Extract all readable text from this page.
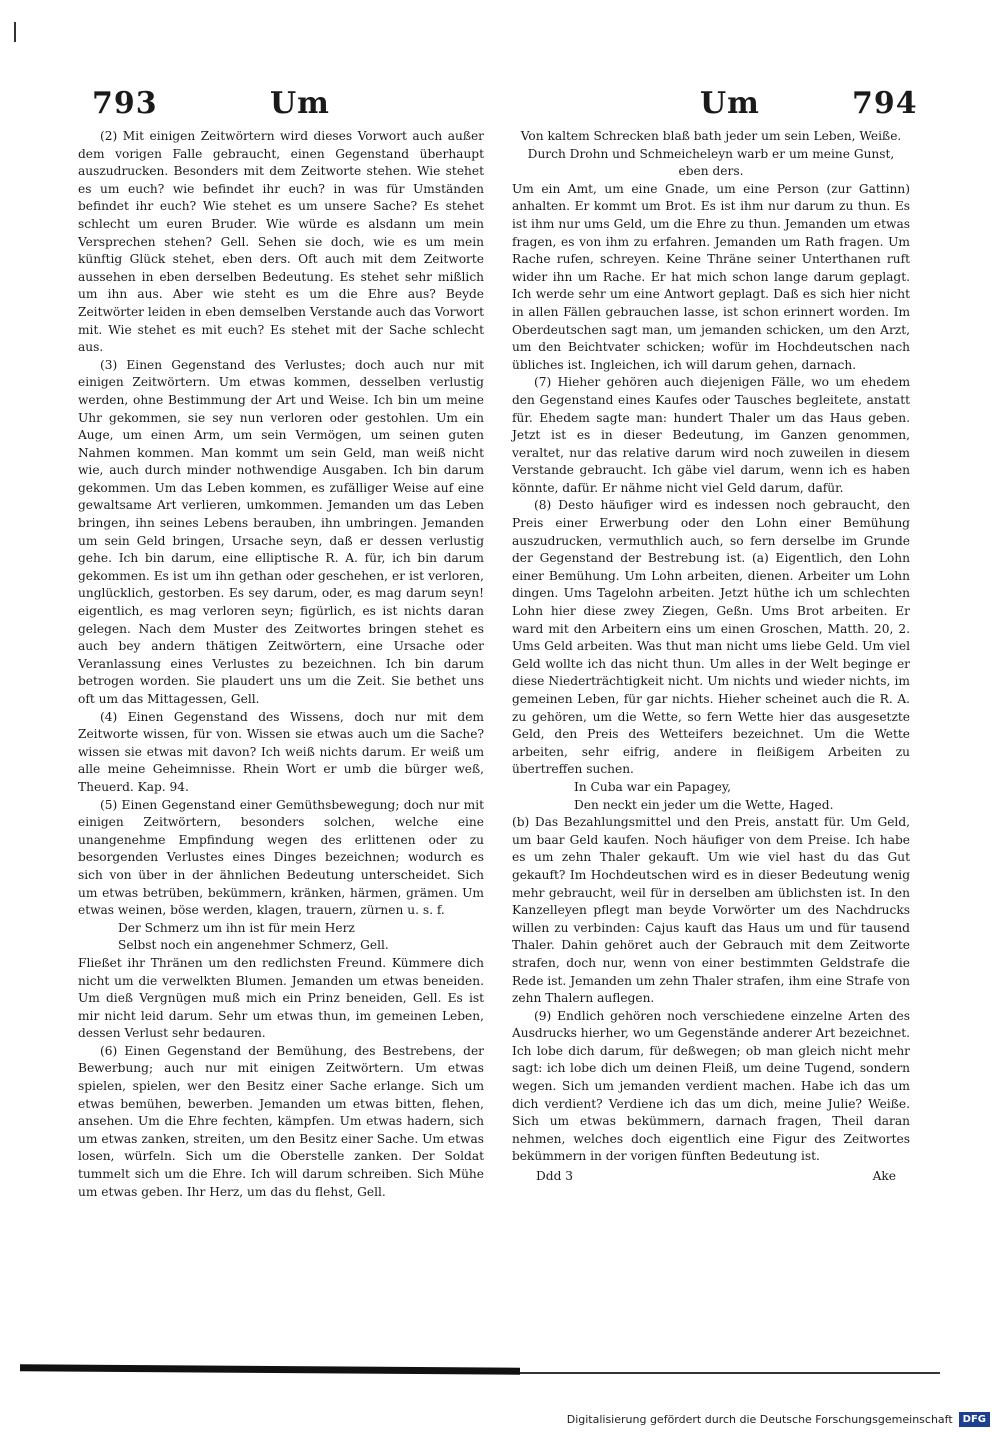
793	Um	Um	794

(2) Mit einigen Zeitwörtern wird dieses Vorwort auch außer dem vorigen Falle gebraucht, einen Gegenstand überhaupt auszudrucken. Besonders mit dem Zeitworte stehen. Wie stehet es um euch? wie befindet ihr euch? in was für Umständen befindet ihr euch? Wie stehet es um unsere Sache? Es stehet schlecht um euren Bruder. Wie würde es alsdann um mein Versprechen stehen? Gell. Sehen sie doch, wie es um mein künftig Glück stehet, eben ders. Oft auch mit dem Zeitworte aussehen in eben derselben Bedeutung. Es stehet sehr mißlich um ihn aus. Aber wie steht es um die Ehre aus? Beyde Zeitwörter leiden in eben demselben Verstande auch das Vorwort mit. Wie stehet es mit euch? Es stehet mit der Sache schlecht aus.

(3) Einen Gegenstand des Verlustes; doch auch nur mit einigen Zeitwörtern. Um etwas kommen, desselben verlustig werden, ohne Bestimmung der Art und Weise. Ich bin um meine Uhr gekommen, sie sey nun verloren oder gestohlen. Um ein Auge, um einen Arm, um sein Vermögen, um seinen guten Nahmen kommen. Man kommt um sein Geld, man weiß nicht wie, auch durch minder nothwendige Ausgaben. Ich bin darum gekommen. Um das Leben kommen, es zufälliger Weise auf eine gewaltsame Art verlieren, umkommen. Jemanden um das Leben bringen, ihn seines Lebens berauben, ihn umbringen. Jemanden um sein Geld bringen, Ursache seyn, daß er dessen verlustig gehe. Ich bin darum, eine elliptische R. A. für, ich bin darum gekommen. Es ist um ihn gethan oder geschehen, er ist verloren, unglücklich, gestorben. Es sey darum, oder, es mag darum seyn! eigentlich, es mag verloren seyn; figürlich, es ist nichts daran gelegen. Nach dem Muster des Zeitwortes bringen stehet es auch bey andern thätigen Zeitwörtern, eine Ursache oder Veranlassung eines Verlustes zu bezeichnen. Ich bin darum betrogen worden. Sie plaudert uns um die Zeit. Sie bethet uns oft um das Mittagessen, Gell.

(4) Einen Gegenstand des Wissens, doch nur mit dem Zeitworte wissen, für von. Wissen sie etwas auch um die Sache? wissen sie etwas mit davon? Ich weiß nichts darum. Er weiß um alle meine Geheimnisse. Rhein Wort er umb die bürger weß, Theuerd. Kap. 94.

(5) Einen Gegenstand einer Gemüthsbewegung; doch nur mit einigen Zeitwörtern, besonders solchen, welche eine unangenehme Empfindung wegen des erlittenen oder zu besorgenden Verlustes eines Dinges bezeichnen; wodurch es sich von über in der ähnlichen Bedeutung unterscheidet. Sich um etwas betrüben, bekümmern, kränken, härmen, grämen. Um etwas weinen, böse werden, klagen, trauern, zürnen u. s. f.

Der Schmerz um ihn ist für mein Herz

Selbst noch ein angenehmer Schmerz, Gell.

Fließet ihr Thränen um den redlichsten Freund. Kümmere dich nicht um die verwelkten Blumen. Jemanden um etwas beneiden. Um dieß Vergnügen muß mich ein Prinz beneiden, Gell. Es ist mir nicht leid darum. Sehr um etwas thun, im gemeinen Leben, dessen Verlust sehr bedauren.

(6) Einen Gegenstand der Bemühung, des Bestrebens, der Bewerbung; auch nur mit einigen Zeitwörtern. Um etwas spielen, spielen, wer den Besitz einer Sache erlange. Sich um etwas bemühen, bewerben. Jemanden um etwas bitten, flehen, ansehen. Um die Ehre fechten, kämpfen. Um etwas hadern, sich um etwas zanken, streiten, um den Besitz einer Sache. Um etwas losen, würfeln. Sich um die Oberstelle zanken. Der Soldat tummelt sich um die Ehre. Ich will darum schreiben. Sich Mühe um etwas geben. Ihr Herz, um das du flehst, Gell.

Von kaltem Schrecken blaß bath jeder um sein Leben, Weiße.

Durch Drohn und Schmeicheleyn warb er um meine Gunst, eben ders.

Um ein Amt, um eine Gnade, um eine Person (zur Gattinn) anhalten. Er kommt um Brot. Es ist ihm nur darum zu thun. Es ist ihm nur ums Geld, um die Ehre zu thun. Jemanden um etwas fragen, es von ihm zu erfahren. Jemanden um Rath fragen. Um Rache rufen, schreyen. Keine Thräne seiner Unterthanen ruft wider ihn um Rache. Er hat mich schon lange darum geplagt. Ich werde sehr um eine Antwort geplagt. Daß es sich hier nicht in allen Fällen gebrauchen lasse, ist schon erinnert worden. Im Oberdeutschen sagt man, um jemanden schicken, um den Arzt, um den Beichtvater schicken; wofür im Hochdeutschen nach übliches ist. Ingleichen, ich will darum gehen, darnach.

(7) Hieher gehören auch diejenigen Fälle, wo um ehedem den Gegenstand eines Kaufes oder Tausches begleitete, anstatt für. Ehedem sagte man: hundert Thaler um das Haus geben. Jetzt ist es in dieser Bedeutung, im Ganzen genommen, veraltet, nur das relative darum wird noch zuweilen in diesem Verstande gebraucht. Ich gäbe viel darum, wenn ich es haben könnte, dafür. Er nähme nicht viel Geld darum, dafür.

(8) Desto häufiger wird es indessen noch gebraucht, den Preis einer Erwerbung oder den Lohn einer Bemühung auszudrucken, vermuthlich auch, so fern derselbe im Grunde der Gegenstand der Bestrebung ist. (a) Eigentlich, den Lohn einer Bemühung. Um Lohn arbeiten, dienen. Arbeiter um Lohn dingen. Ums Tagelohn arbeiten. Jetzt hüthe ich um schlechten Lohn hier diese zwey Ziegen, Geßn. Ums Brot arbeiten. Er ward mit den Arbeitern eins um einen Groschen, Matth. 20, 2. Ums Geld arbeiten. Was thut man nicht ums liebe Geld. Um viel Geld wollte ich das nicht thun. Um alles in der Welt beginge er diese Niederträchtigkeit nicht. Um nichts und wieder nichts, im gemeinen Leben, für gar nichts. Hieher scheinet auch die R. A. zu gehören, um die Wette, so fern Wette hier das ausgesetzte Geld, den Preis des Wetteifers bezeichnet. Um die Wette arbeiten, sehr eifrig, andere in fleißigem Arbeiten zu übertreffen suchen.

In Cuba war ein Papagey,

Den neckt ein jeder um die Wette, Haged.

(b) Das Bezahlungsmittel und den Preis, anstatt für. Um Geld, um baar Geld kaufen. Noch häufiger von dem Preise. Ich habe es um zehn Thaler gekauft. Um wie viel hast du das Gut gekauft? Im Hochdeutschen wird es in dieser Bedeutung wenig mehr gebraucht, weil für in derselben am üblichsten ist. In den Kanzelleyen pflegt man beyde Vorwörter um des Nachdrucks willen zu verbinden: Cajus kauft das Haus um und für tausend Thaler. Dahin gehöret auch der Gebrauch mit dem Zeitworte strafen, doch nur, wenn von einer bestimmten Geldstrafe die Rede ist. Jemanden um zehn Thaler strafen, ihm eine Strafe von zehn Thalern auflegen.

(9) Endlich gehören noch verschiedene einzelne Arten des Ausdrucks hierher, wo um Gegenstände anderer Art bezeichnet. Ich lobe dich darum, für deßwegen; ob man gleich nicht mehr sagt: ich lobe dich um deinen Fleiß, um deine Tugend, sondern wegen. Sich um jemanden verdient machen. Habe ich das um dich verdient? Verdiene ich das um dich, meine Julie? Weiße. Sich um etwas bekümmern, darnach fragen, Theil daran nehmen, welches doch eigentlich eine Figur des Zeitwortes bekümmern in der vorigen fünften Bedeutung ist.

Ddd 3	Ake
Digitalisierung gefördert durch die Deutsche Forschungsgemeinschaft	DFG
